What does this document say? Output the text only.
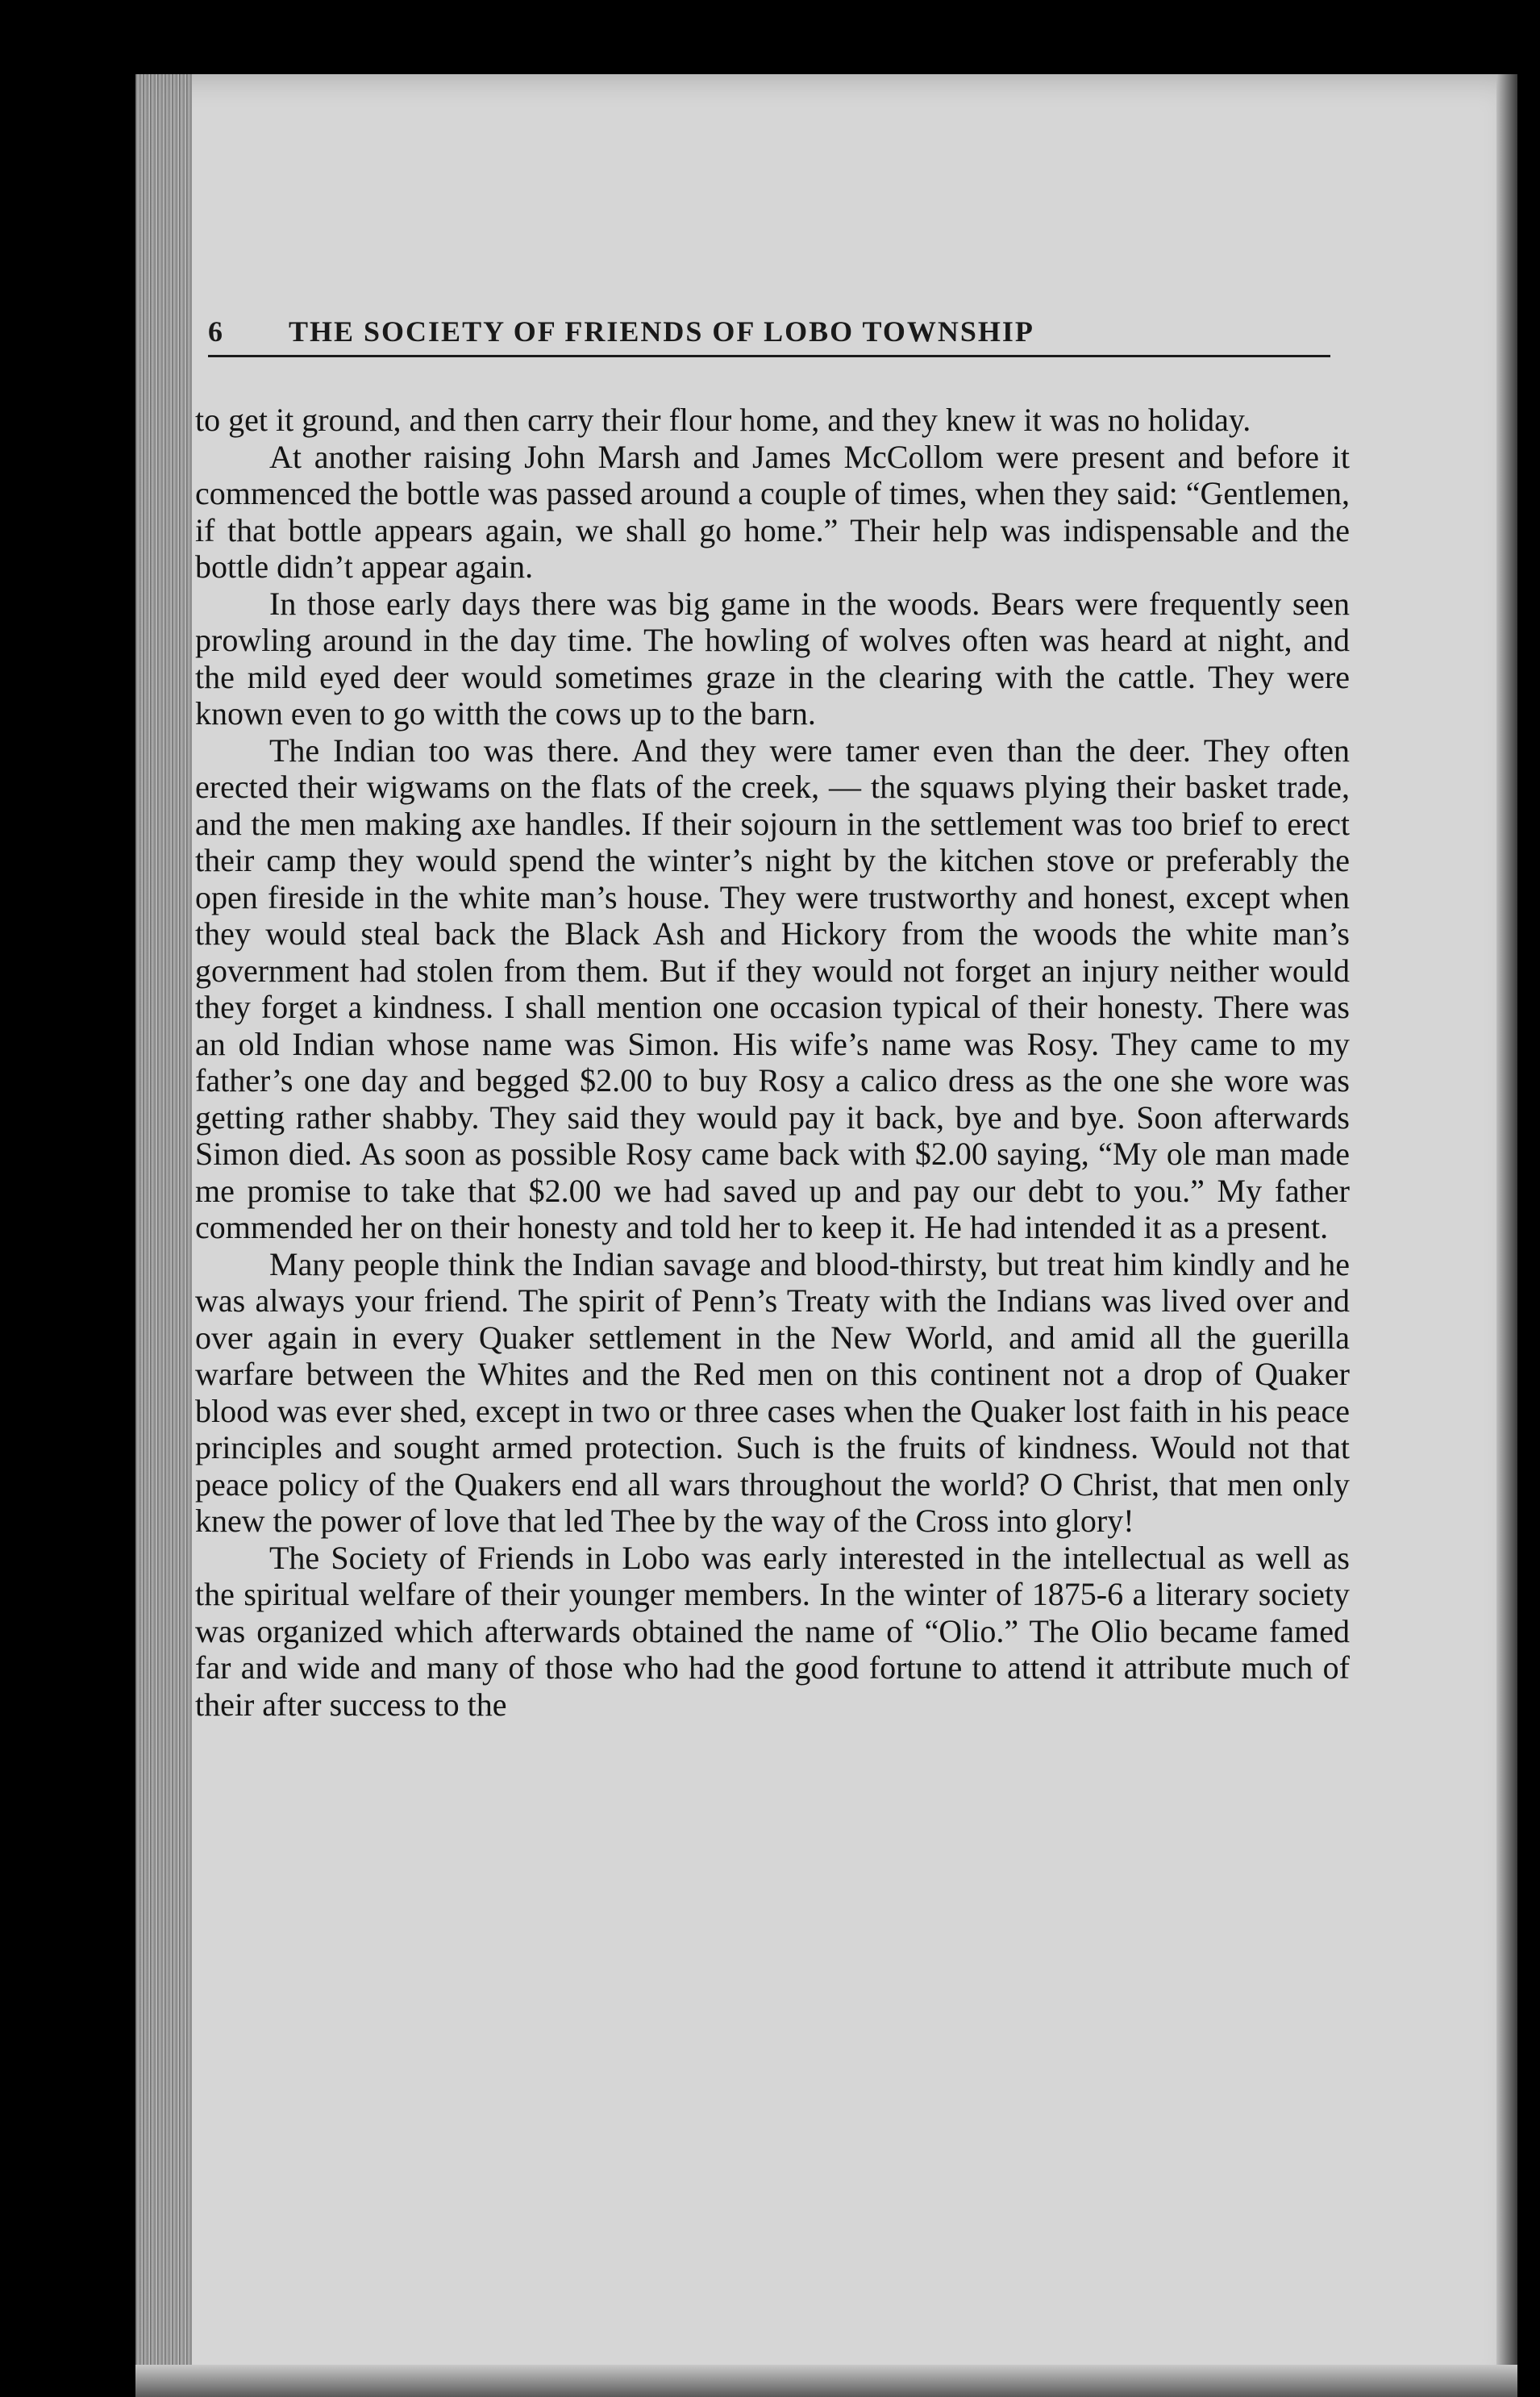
6 THE SOCIETY OF FRIENDS OF LOBO TOWNSHIP

to get it ground, and then carry their flour home, and they knew it was no holiday.

At another raising John Marsh and James McCollom were present and before it commenced the bottle was passed around a couple of times, when they said: “Gentlemen, if that bottle appears again, we shall go home.” Their help was indispensable and the bottle didn’t appear again.

In those early days there was big game in the woods. Bears were frequently seen prowling around in the day time. The howling of wolves often was heard at night, and the mild eyed deer would sometimes graze in the clearing with the cattle. They were known even to go witth the cows up to the barn.

The Indian too was there. And they were tamer even than the deer. They often erected their wigwams on the flats of the creek, — the squaws plying their basket trade, and the men making axe handles. If their sojourn in the settlement was too brief to erect their camp they would spend the winter’s night by the kitchen stove or preferably the open fireside in the white man’s house. They were trustworthy and honest, except when they would steal back the Black Ash and Hickory from the woods the white man’s government had stolen from them. But if they would not forget an injury neither would they forget a kindness. I shall mention one occasion typical of their honesty. There was an old Indian whose name was Simon. His wife’s name was Rosy. They came to my father’s one day and begged $2.00 to buy Rosy a calico dress as the one she wore was getting rather shabby. They said they would pay it back, bye and bye. Soon afterwards Simon died. As soon as possible Rosy came back with $2.00 saying, “My ole man made me promise to take that $2.00 we had saved up and pay our debt to you.” My father commended her on their honesty and told her to keep it. He had intended it as a present.

Many people think the Indian savage and blood-thirsty, but treat him kindly and he was always your friend. The spirit of Penn’s Treaty with the Indians was lived over and over again in every Quaker settlement in the New World, and amid all the guerilla warfare between the Whites and the Red men on this continent not a drop of Quaker blood was ever shed, except in two or three cases when the Quaker lost faith in his peace principles and sought armed protection. Such is the fruits of kindness. Would not that peace policy of the Quakers end all wars throughout the world? O Christ, that men only knew the power of love that led Thee by the way of the Cross into glory!

The Society of Friends in Lobo was early interested in the intellectual as well as the spiritual welfare of their younger members. In the winter of 1875-6 a literary society was organized which afterwards obtained the name of “Olio.” The Olio became famed far and wide and many of those who had the good fortune to attend it attribute much of their after success to the
